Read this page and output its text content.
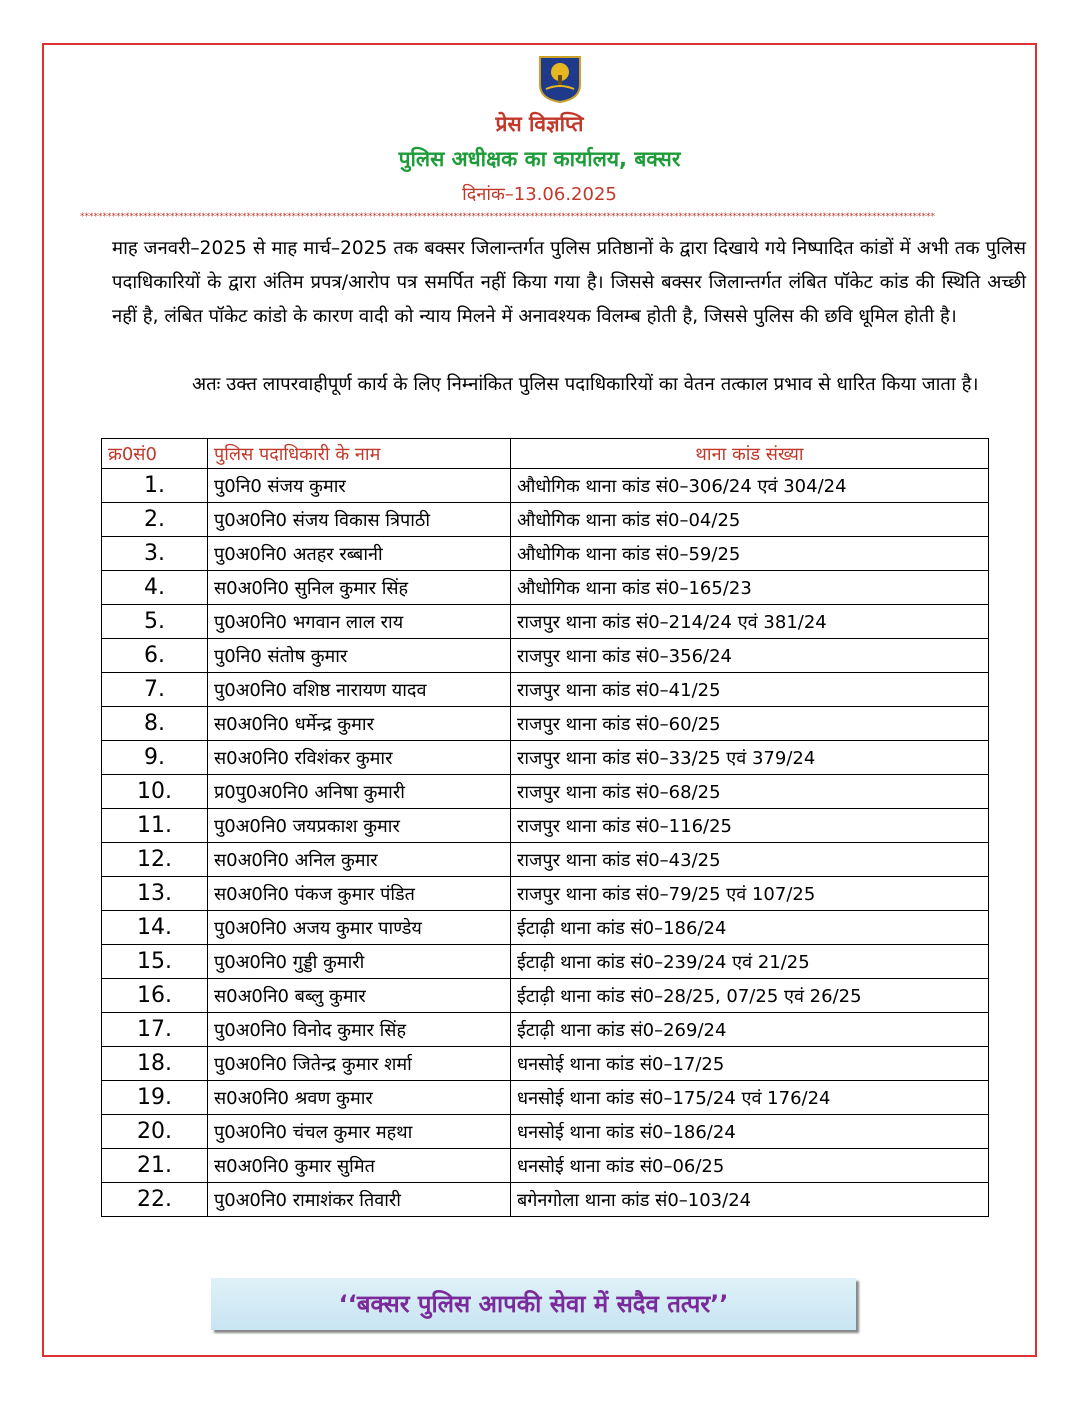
प्रेस विज्ञप्ति
पुलिस अधीक्षक का कार्यालय, बक्सर
दिनांक–13.06.2025
**********************************************************************************************************************************************************************************************
माह जनवरी–2025 से माह मार्च–2025 तक बक्सर जिलान्तर्गत पुलिस प्रतिष्ठानों के द्वारा दिखाये गये निष्पादित कांडों में अभी तक पुलिस पदाधिकारियों के द्वारा अंतिम प्रपत्र/आरोप पत्र समर्पित नहीं किया गया है। जिससे बक्सर जिलान्तर्गत लंबित पॉकेट कांड की स्थिति अच्छी नहीं है, लंबित पॉकेट कांडो के कारण वादी को न्याय मिलने में अनावश्यक विलम्ब होती है, जिससे पुलिस की छवि धूमिल होती है।
अतः उक्त लापरवाहीपूर्ण कार्य के लिए निम्नांकित पुलिस पदाधिकारियों का वेतन तत्काल प्रभाव से धारित किया जाता है।
क्र0सं0	पुलिस पदाधिकारी के नाम	थाना कांड संख्या
1.	पु0नि0 संजय कुमार	औधोगिक थाना कांड सं0–306/24 एवं 304/24
2.	पु0अ0नि0 संजय विकास त्रिपाठी	औधोगिक थाना कांड सं0–04/25
3.	पु0अ0नि0 अतहर रब्बानी	औधोगिक थाना कांड सं0–59/25
4.	स0अ0नि0 सुनिल कुमार सिंह	औधोगिक थाना कांड सं0–165/23
5.	पु0अ0नि0 भगवान लाल राय	राजपुर थाना कांड सं0–214/24 एवं 381/24
6.	पु0नि0 संतोष कुमार	राजपुर थाना कांड सं0–356/24
7.	पु0अ0नि0 वशिष्ठ नारायण यादव	राजपुर थाना कांड सं0–41/25
8.	स0अ0नि0 धर्मेन्द्र कुमार	राजपुर थाना कांड सं0–60/25
9.	स0अ0नि0 रविशंकर कुमार	राजपुर थाना कांड सं0–33/25 एवं 379/24
10.	प्र0पु0अ0नि0 अनिषा कुमारी	राजपुर थाना कांड सं0–68/25
11.	पु0अ0नि0 जयप्रकाश कुमार	राजपुर थाना कांड सं0–116/25
12.	स0अ0नि0 अनिल कुमार	राजपुर थाना कांड सं0–43/25
13.	स0अ0नि0 पंकज कुमार पंडित	राजपुर थाना कांड सं0–79/25 एवं 107/25
14.	पु0अ0नि0 अजय कुमार पाण्डेय	ईटाढ़ी थाना कांड सं0–186/24
15.	पु0अ0नि0 गुड्डी कुमारी	ईटाढ़ी थाना कांड सं0–239/24 एवं 21/25
16.	स0अ0नि0 बब्लु कुमार	ईटाढ़ी थाना कांड सं0–28/25, 07/25 एवं 26/25
17.	पु0अ0नि0 विनोद कुमार सिंह	ईटाढ़ी थाना कांड सं0–269/24
18.	पु0अ0नि0 जितेन्द्र कुमार शर्मा	धनसोई थाना कांड सं0–17/25
19.	स0अ0नि0 श्रवण कुमार	धनसोई थाना कांड सं0–175/24 एवं 176/24
20.	पु0अ0नि0 चंचल कुमार महथा	धनसोई थाना कांड सं0–186/24
21.	स0अ0नि0 कुमार सुमित	धनसोई थाना कांड सं0–06/25
22.	पु0अ0नि0 रामाशंकर तिवारी	बगेनगोला थाना कांड सं0–103/24
‘‘बक्सर पुलिस आपकी सेवा में सदैव तत्पर’’
